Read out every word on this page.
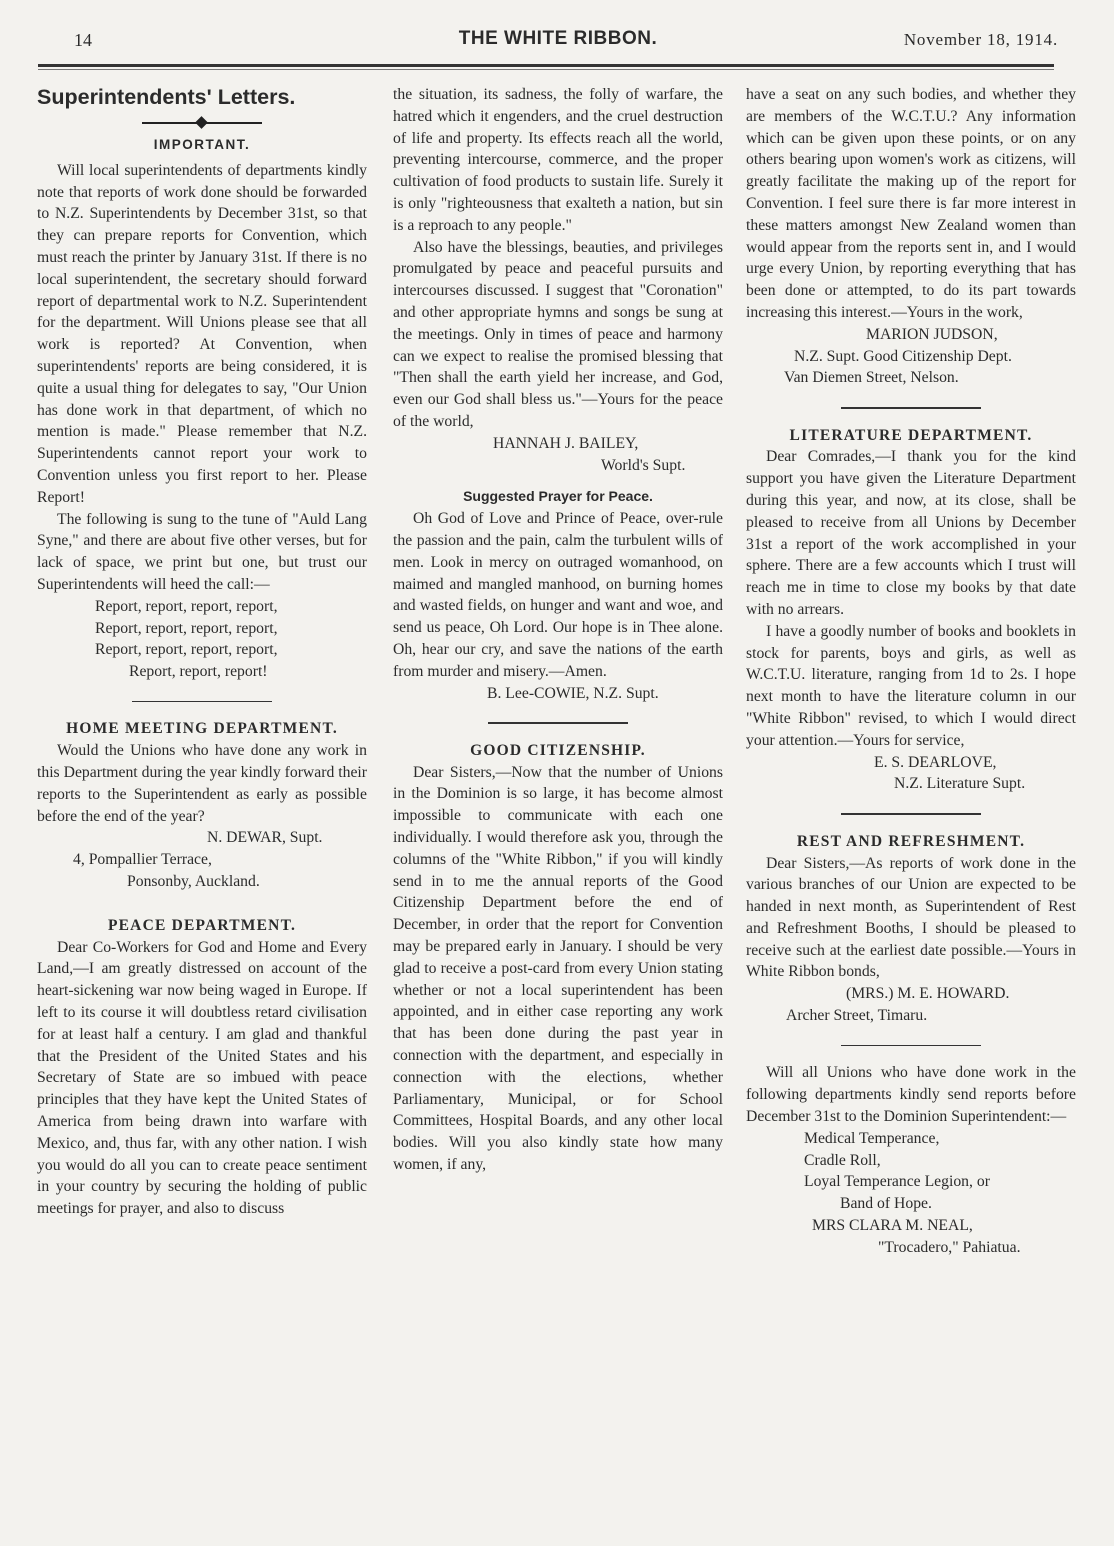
14	THE WHITE RIBBON.	November 18, 1914.
Superintendents' Letters.
IMPORTANT.

Will local superintendents of departments kindly note that reports of work done should be forwarded to N.Z. Superintendents by December 31st, so that they can prepare reports for Convention, which must reach the printer by January 31st. If there is no local superintendent, the secretary should forward report of departmental work to N.Z. Superintendent for the department. Will Unions please see that all work is reported? At Convention, when superintendents' reports are being considered, it is quite a usual thing for delegates to say, "Our Union has done work in that department, of which no mention is made." Please remember that N.Z. Superintendents cannot report your work to Convention unless you first report to her. Please Report!

The following is sung to the tune of "Auld Lang Syne," and there are about five other verses, but for lack of space, we print but one, but trust our Superintendents will heed the call:—

Report, report, report, report,

Report, report, report, report,

Report, report, report, report,

Report, report, report!

HOME MEETING DEPARTMENT.

Would the Unions who have done any work in this Department during the year kindly forward their reports to the Superintendent as early as possible before the end of the year?

N. DEWAR, Supt.

4, Pompallier Terrace,

Ponsonby, Auckland.

PEACE DEPARTMENT.

Dear Co-Workers for God and Home and Every Land,—I am greatly distressed on account of the heart-sickening war now being waged in Europe. If left to its course it will doubtless retard civilisation for at least half a century. I am glad and thankful that the President of the United States and his Secretary of State are so imbued with peace principles that they have kept the United States of America from being drawn into warfare with Mexico, and, thus far, with any other nation. I wish you would do all you can to create peace sentiment in your country by securing the holding of public meetings for prayer, and also to discuss

the situation, its sadness, the folly of warfare, the hatred which it engenders, and the cruel destruction of life and property. Its effects reach all the world, preventing intercourse, commerce, and the proper cultivation of food products to sustain life. Surely it is only "righteousness that exalteth a nation, but sin is a reproach to any people."

Also have the blessings, beauties, and privileges promulgated by peace and peaceful pursuits and intercourses discussed. I suggest that "Coronation" and other appropriate hymns and songs be sung at the meetings. Only in times of peace and harmony can we expect to realise the promised blessing that "Then shall the earth yield her increase, and God, even our God shall bless us."—Yours for the peace of the world,

HANNAH J. BAILEY,

World's Supt.

Suggested Prayer for Peace.

Oh God of Love and Prince of Peace, over-rule the passion and the pain, calm the turbulent wills of men. Look in mercy on outraged womanhood, on maimed and mangled manhood, on burning homes and wasted fields, on hunger and want and woe, and send us peace, Oh Lord. Our hope is in Thee alone. Oh, hear our cry, and save the nations of the earth from murder and misery.—Amen.

B. Lee-COWIE, N.Z. Supt.

GOOD CITIZENSHIP.

Dear Sisters,—Now that the number of Unions in the Dominion is so large, it has become almost impossible to communicate with each one individually. I would therefore ask you, through the columns of the "White Ribbon," if you will kindly send in to me the annual reports of the Good Citizenship Department before the end of December, in order that the report for Convention may be prepared early in January. I should be very glad to receive a post-card from every Union stating whether or not a local superintendent has been appointed, and in either case reporting any work that has been done during the past year in connection with the department, and especially in connection with the elections, whether Parliamentary, Municipal, or for School Committees, Hospital Boards, and any other local bodies. Will you also kindly state how many women, if any,

have a seat on any such bodies, and whether they are members of the W.C.T.U.? Any information which can be given upon these points, or on any others bearing upon women's work as citizens, will greatly facilitate the making up of the report for Convention. I feel sure there is far more interest in these matters amongst New Zealand women than would appear from the reports sent in, and I would urge every Union, by reporting everything that has been done or attempted, to do its part towards increasing this interest.—Yours in the work,

MARION JUDSON,

N.Z. Supt. Good Citizenship Dept.

Van Diemen Street, Nelson.

LITERATURE DEPARTMENT.

Dear Comrades,—I thank you for the kind support you have given the Literature Department during this year, and now, at its close, shall be pleased to receive from all Unions by December 31st a report of the work accomplished in your sphere. There are a few accounts which I trust will reach me in time to close my books by that date with no arrears.

I have a goodly number of books and booklets in stock for parents, boys and girls, as well as W.C.T.U. literature, ranging from 1d to 2s. I hope next month to have the literature column in our "White Ribbon" revised, to which I would direct your attention.—Yours for service,

E. S. DEARLOVE,

N.Z. Literature Supt.

REST AND REFRESHMENT.

Dear Sisters,—As reports of work done in the various branches of our Union are expected to be handed in next month, as Superintendent of Rest and Refreshment Booths, I should be pleased to receive such at the earliest date possible.—Yours in White Ribbon bonds,

(MRS.) M. E. HOWARD.

Archer Street, Timaru.

Will all Unions who have done work in the following departments kindly send reports before December 31st to the Dominion Superintendent:—

Medical Temperance,

Cradle Roll,

Loyal Temperance Legion, or

Band of Hope.

MRS CLARA M. NEAL,

"Trocadero," Pahiatua.
